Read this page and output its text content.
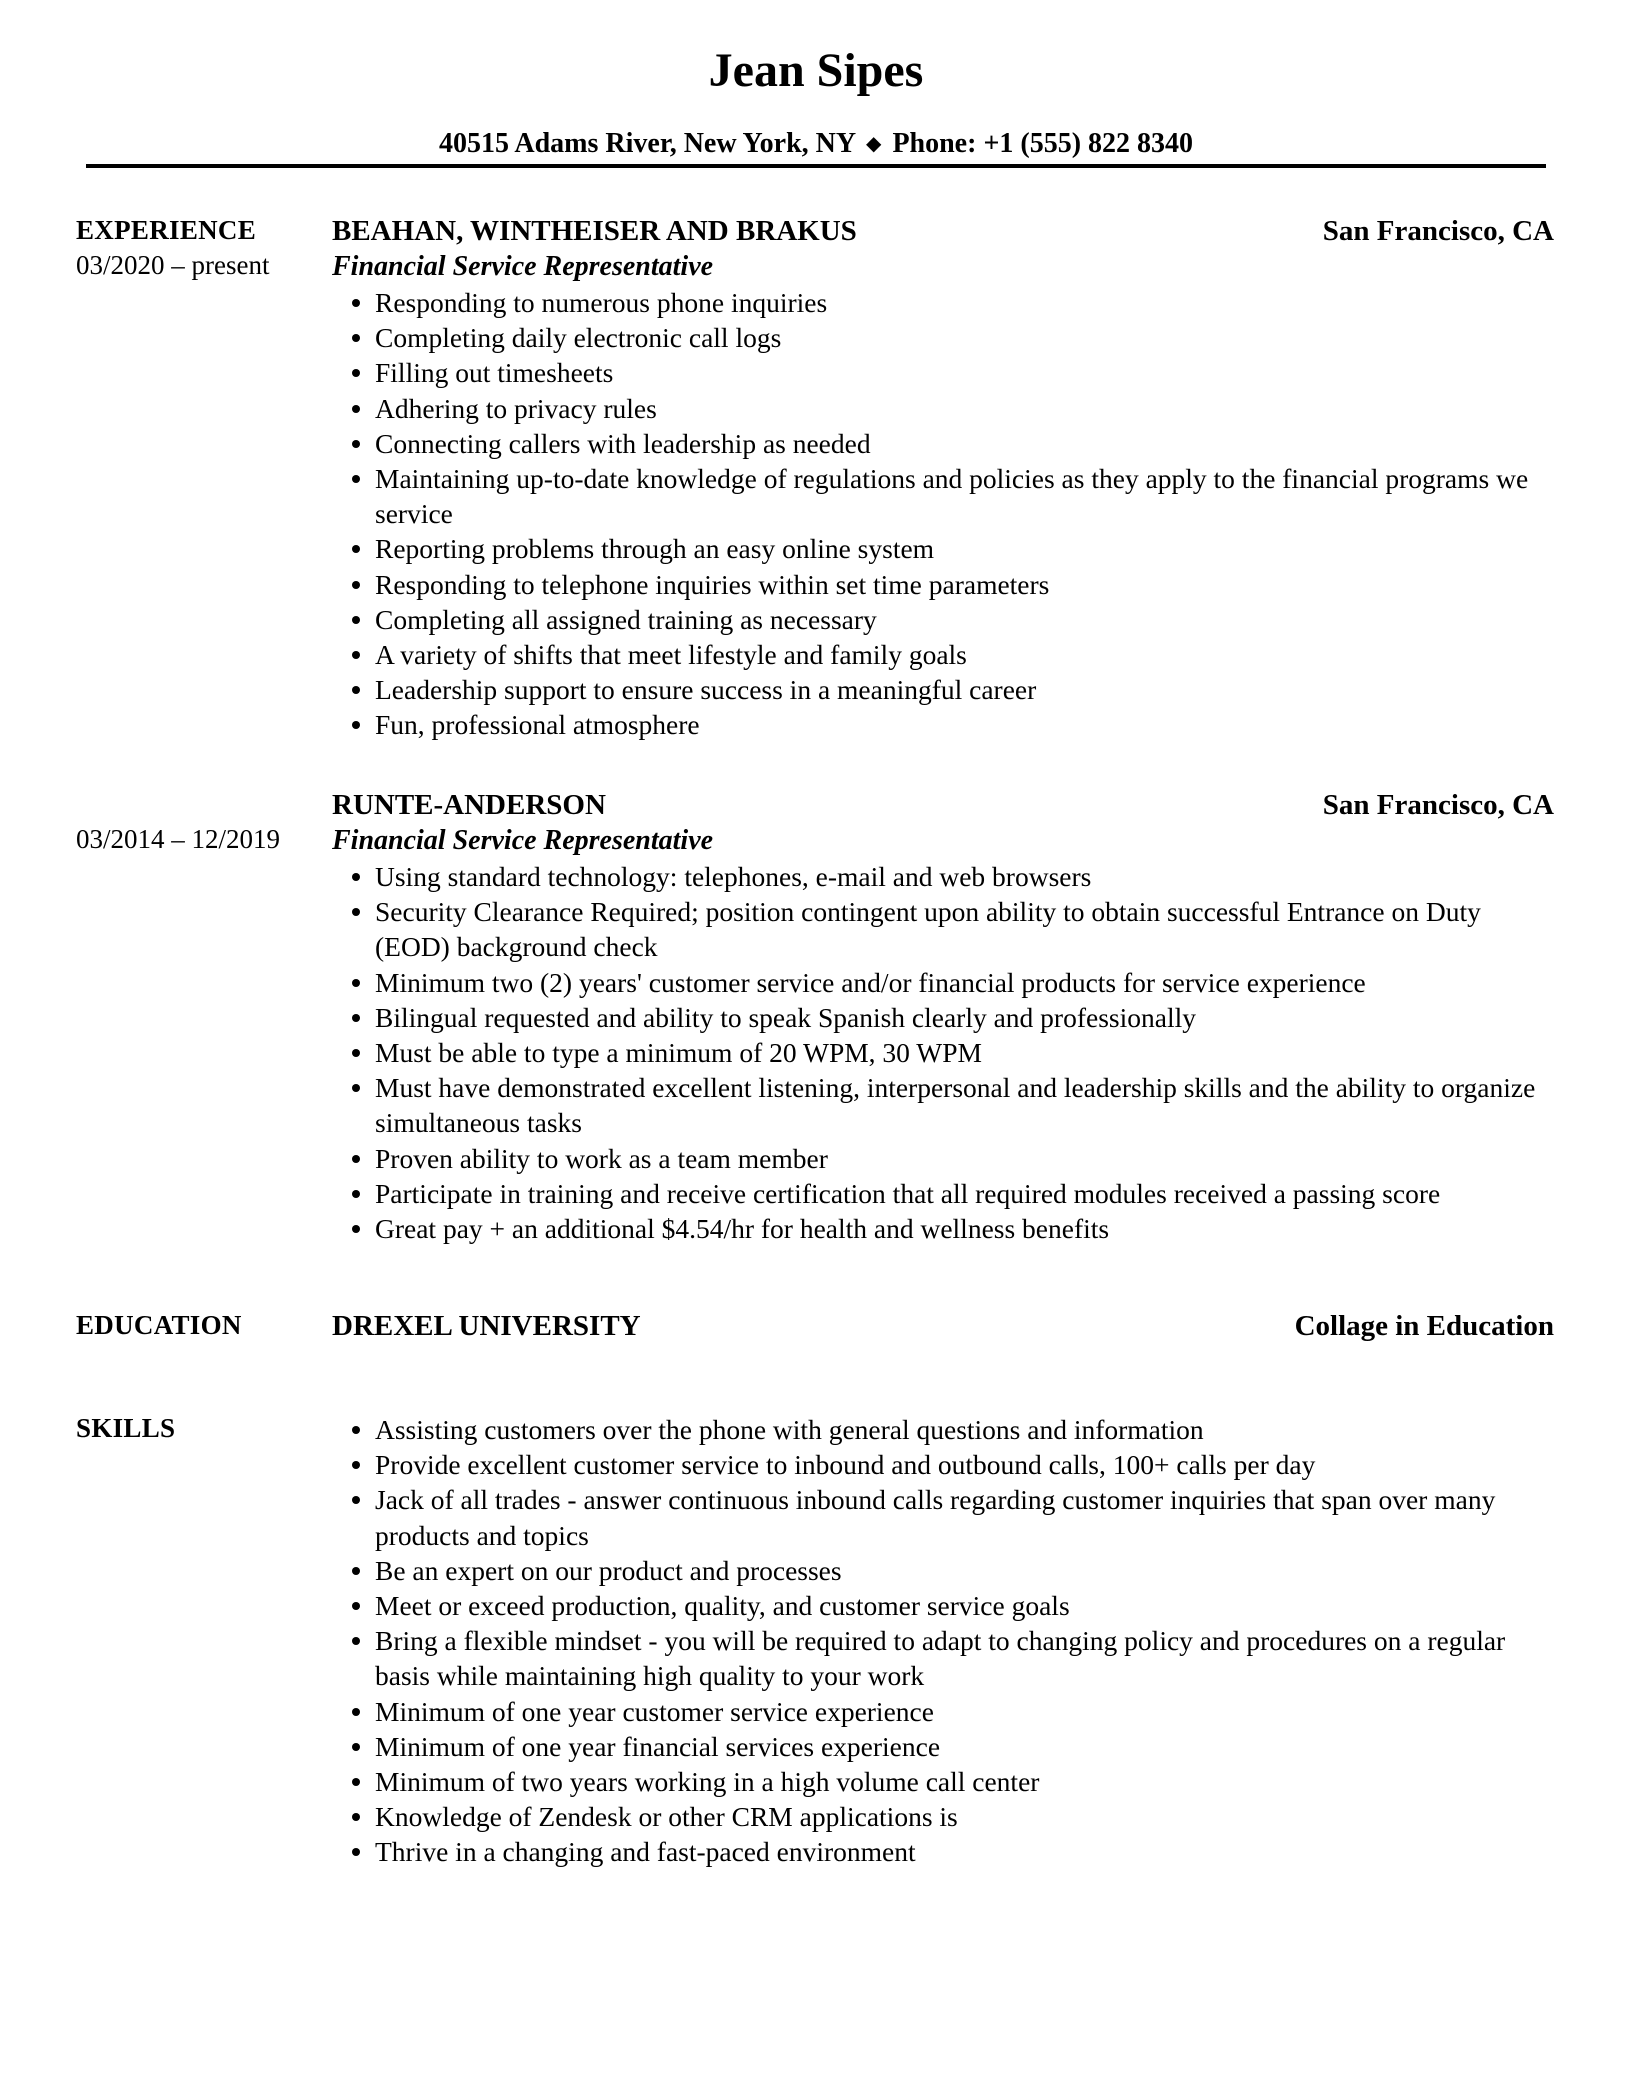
Jean Sipes
40515 Adams River, New York, NY ◆ Phone: +1 (555) 822 8340
EXPERIENCE
03/2020 – present
BEAHAN, WINTHEISER AND BRAKUS	San Francisco, CA
Financial Service Representative
Responding to numerous phone inquiries
Completing daily electronic call logs
Filling out timesheets
Adhering to privacy rules
Connecting callers with leadership as needed
Maintaining up-to-date knowledge of regulations and policies as they apply to the financial programs we service
Reporting problems through an easy online system
Responding to telephone inquiries within set time parameters
Completing all assigned training as necessary
A variety of shifts that meet lifestyle and family goals
Leadership support to ensure success in a meaningful career
Fun, professional atmosphere
03/2014 – 12/2019
RUNTE-ANDERSON	San Francisco, CA
Financial Service Representative
Using standard technology: telephones, e-mail and web browsers
Security Clearance Required; position contingent upon ability to obtain successful Entrance on Duty (EOD) background check
Minimum two (2) years' customer service and/or financial products for service experience
Bilingual requested and ability to speak Spanish clearly and professionally
Must be able to type a minimum of 20 WPM, 30 WPM
Must have demonstrated excellent listening, interpersonal and leadership skills and the ability to organize simultaneous tasks
Proven ability to work as a team member
Participate in training and receive certification that all required modules received a passing score
Great pay + an additional $4.54/hr for health and wellness benefits
EDUCATION	DREXEL UNIVERSITY	Collage in Education
SKILLS	Assisting customers over the phone with general questions and information
Provide excellent customer service to inbound and outbound calls, 100+ calls per day
Jack of all trades - answer continuous inbound calls regarding customer inquiries that span over many products and topics
Be an expert on our product and processes
Meet or exceed production, quality, and customer service goals
Bring a flexible mindset - you will be required to adapt to changing policy and procedures on a regular basis while maintaining high quality to your work
Minimum of one year customer service experience
Minimum of one year financial services experience
Minimum of two years working in a high volume call center
Knowledge of Zendesk or other CRM applications is
Thrive in a changing and fast-paced environment
